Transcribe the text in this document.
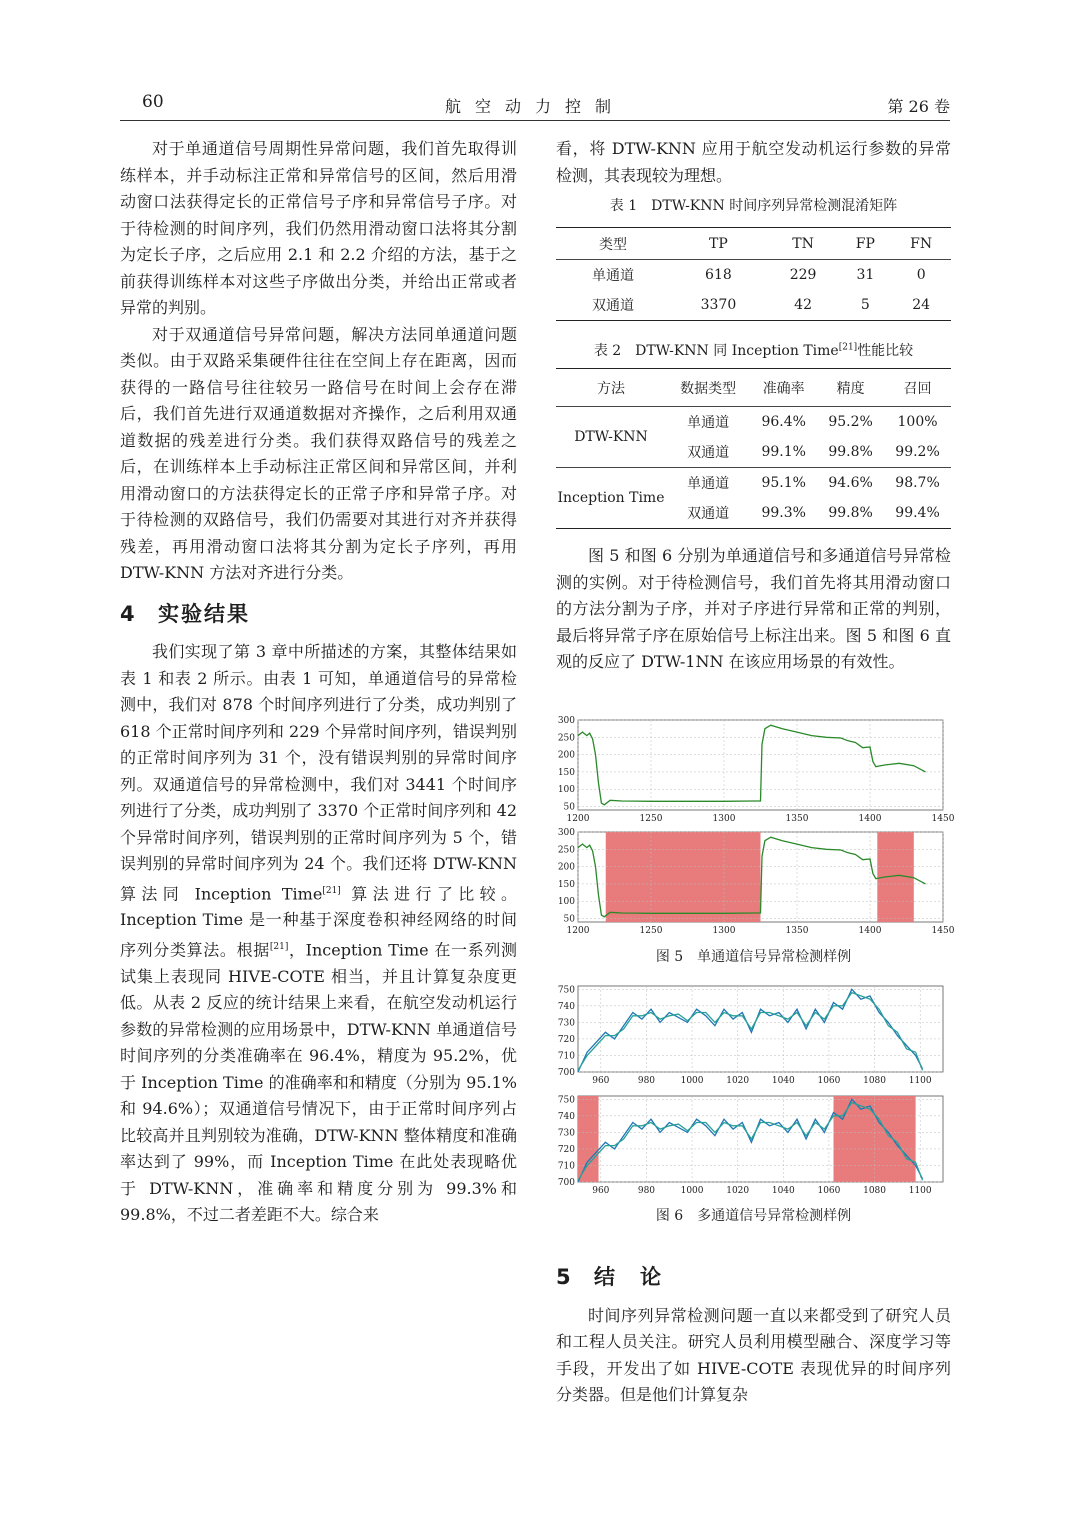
60	航空动力控制	第 26 卷

对于单通道信号周期性异常问题，我们首先取得训练样本，并手动标注正常和异常信号的区间，然后用滑动窗口法获得定长的正常信号子序和异常信号子序。对于待检测的时间序列，我们仍然用滑动窗口法将其分割为定长子序，之后应用 2.1 和 2.2 介绍的方法，基于之前获得训练样本对这些子序做出分类，并给出正常或者异常的判别。

对于双通道信号异常问题，解决方法同单通道问题类似。由于双路采集硬件往往在空间上存在距离，因而获得的一路信号往往较另一路信号在时间上会存在滞后，我们首先进行双通道数据对齐操作，之后利用双通道数据的残差进行分类。我们获得双路信号的残差之后，在训练样本上手动标注正常区间和异常区间，并利用滑动窗口的方法获得定长的正常子序和异常子序。对于待检测的双路信号，我们仍需要对其进行对齐并获得残差，再用滑动窗口法将其分割为定长子序列，再用 DTW-KNN 方法对齐进行分类。

4 实验结果

我们实现了第 3 章中所描述的方案，其整体结果如表 1 和表 2 所示。由表 1 可知，单通道信号的异常检测中，我们对 878 个时间序列进行了分类，成功判别了 618 个正常时间序列和 229 个异常时间序列，错误判别的正常时间序列为 31 个，没有错误判别的异常时间序列。双通道信号的异常检测中，我们对 3441 个时间序列进行了分类，成功判别了 3370 个正常时间序列和 42 个异常时间序列，错误判别的正常时间序列为 5 个，错误判别的异常时间序列为 24 个。我们还将 DTW-KNN 算法同 Inception Time[21] 算法进行了比较。Inception Time 是一种基于深度卷积神经网络的时间序列分类算法。根据[21]，Inception Time 在一系列测试集上表现同 HIVE-COTE 相当，并且计算复杂度更低。从表 2 反应的统计结果上来看，在航空发动机运行参数的异常检测的应用场景中，DTW-KNN 单通道信号时间序列的分类准确率在 96.4%，精度为 95.2%，优于 Inception Time 的准确率和和精度（分别为 95.1% 和 94.6%）；双通道信号情况下，由于正常时间序列占比较高并且判别较为准确，DTW-KNN 整体精度和准确率达到了 99%，而 Inception Time 在此处表现略优于 DTW-KNN，准确率和精度分别为 99.3%和 99.8%，不过二者差距不大。综合来

看，将 DTW-KNN 应用于航空发动机运行参数的异常检测，其表现较为理想。

表 1　DTW-KNN 时间序列异常检测混淆矩阵
类型	TP	TN	FP	FN
单通道	618	229	31	0
双通道	3370	42	5	24
表 2　DTW-KNN 同 Inception Time[21]性能比较
方法	数据类型	准确率	精度	召回
DTW-KNN	单通道	96.4%	95.2%	100%
	双通道	99.1%	99.8%	99.2%
Inception Time	单通道	95.1%	94.6%	98.7%
	双通道	99.3%	99.8%	99.4%

图 5 和图 6 分别为单通道信号和多通道信号异常检测的实例。对于待检测信号，我们首先将其用滑动窗口的方法分割为子序，并对子序进行异常和正常的判别，最后将异常子序在原始信号上标注出来。图 5 和图 6 直观的反应了 DTW-1NN 在该应用场景的有效性。

50
100
150
200
250
300
1200	1250	1300	1350	1400	1450
50
100
150
200
250
300
1200	1250	1300	1350	1400	1450
图 5　单通道信号异常检测样例
700
710
720
730
740
750
960	980	1000	1020	1040	1060	1080	1100
700
710
720
730
740
750
960	980	1000	1020	1040	1060	1080	1100
图 6　多通道信号异常检测样例
5 结　论

时间序列异常检测问题一直以来都受到了研究人员和工程人员关注。研究人员利用模型融合、深度学习等手段，开发出了如 HIVE-COTE 表现优异的时间序列分类器。但是他们计算复杂
